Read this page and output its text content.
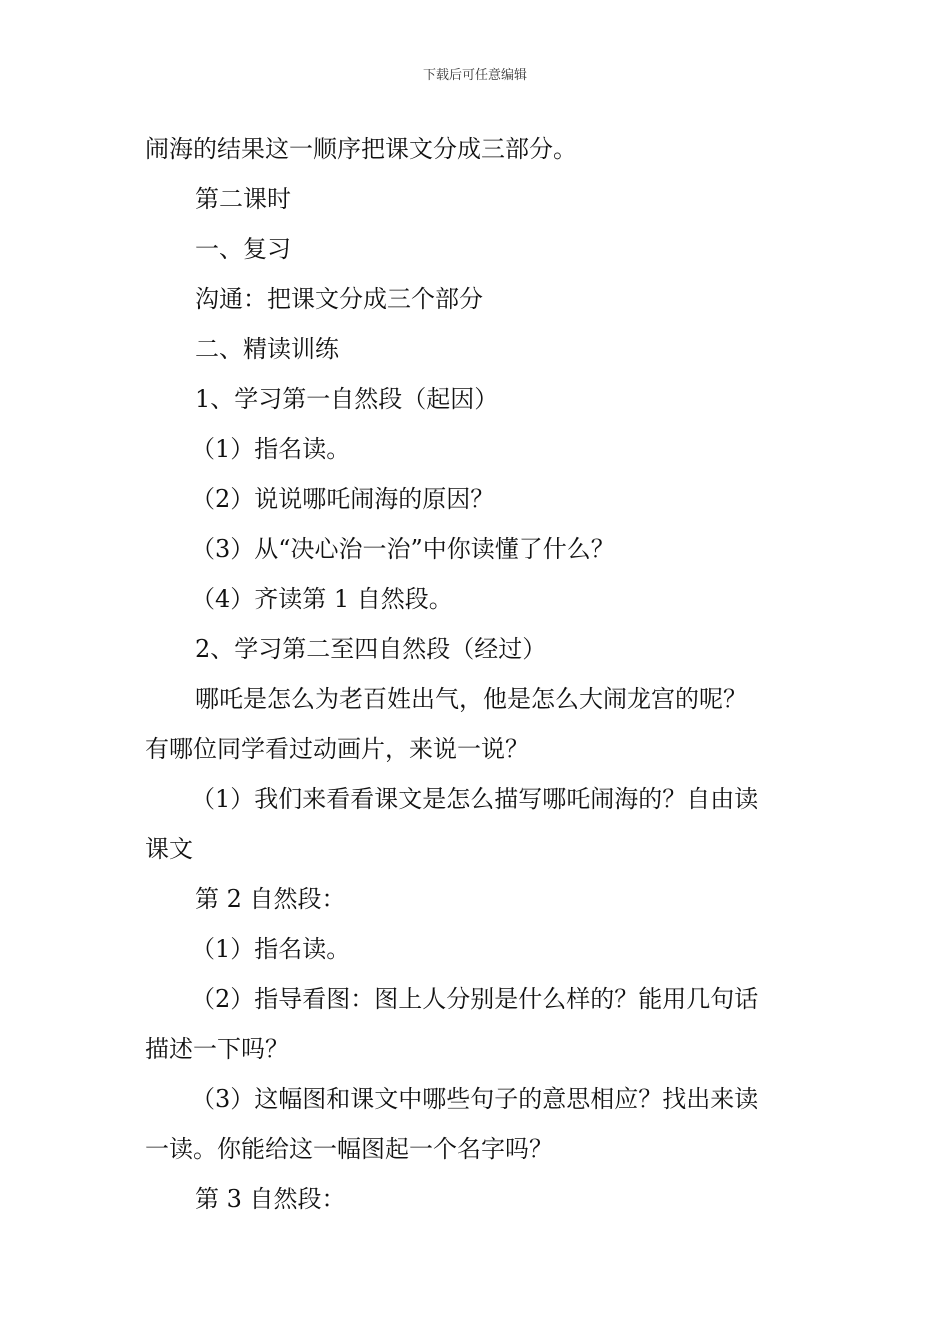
下载后可任意编辑
闹海的结果这一顺序把课文分成三部分。
第二课时
一、复习
沟通：把课文分成三个部分
二、精读训练
1、学习第一自然段（起因）
（1）指名读。
（2）说说哪吒闹海的原因？
（3）从“决心治一治”中你读懂了什么？
（4）齐读第 1 自然段。
2、学习第二至四自然段（经过）
哪吒是怎么为老百姓出气，他是怎么大闹龙宫的呢？
有哪位同学看过动画片，来说一说？
（1）我们来看看课文是怎么描写哪吒闹海的？自由读
课文
第 2 自然段：
（1）指名读。
（2）指导看图：图上人分别是什么样的？能用几句话
描述一下吗？
（3）这幅图和课文中哪些句子的意思相应？找出来读
一读。你能给这一幅图起一个名字吗？
第 3 自然段：
